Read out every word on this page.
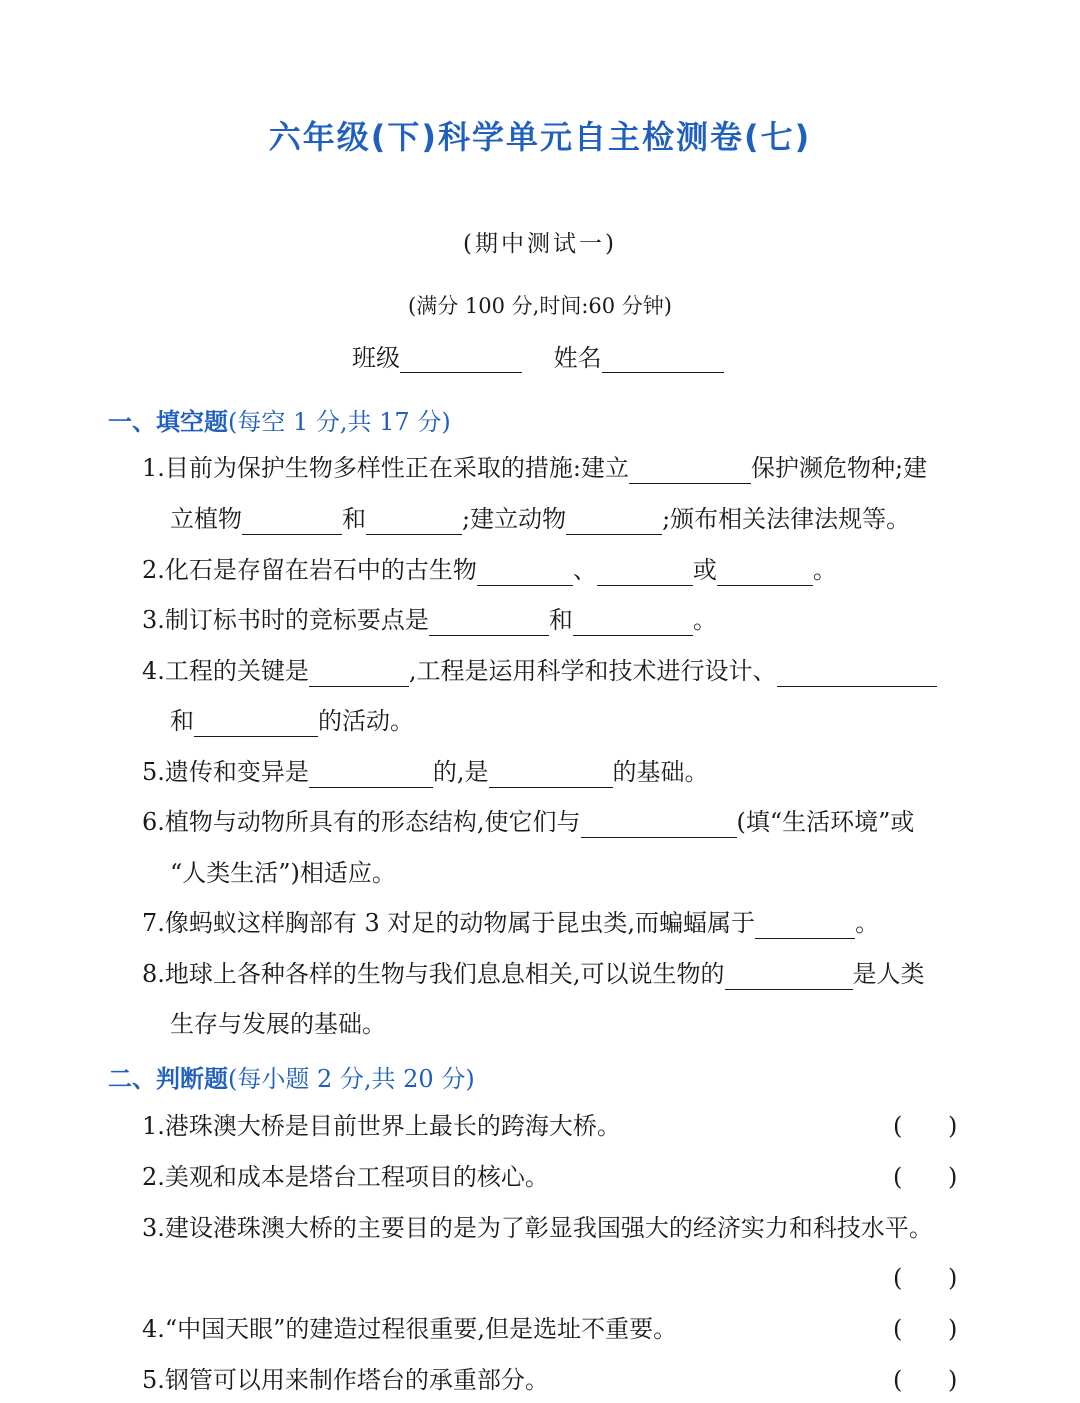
六年级(下)科学单元自主检测卷(七)
(期中测试一)
(满分 100 分,时间:60 分钟)
班级	姓名
一、填空题(每空 1 分,共 17 分)
1.目前为保护生物多样性正在采取的措施:建立	保护濒危物种;建
立植物	和	;建立动物	;颁布相关法律法规等。
2.化石是存留在岩石中的古生物	、	或	。
3.制订标书时的竞标要点是	和	。
4.工程的关键是	,工程是运用科学和技术进行设计、
和	的活动。
5.遗传和变异是	的,是	的基础。
6.植物与动物所具有的形态结构,使它们与	(填“生活环境”或
“人类生活”)相适应。
7.像蚂蚁这样胸部有 3 对足的动物属于昆虫类,而蝙蝠属于	。
8.地球上各种各样的生物与我们息息相关,可以说生物的	是人类
生存与发展的基础。
二、判断题(每小题 2 分,共 20 分)
1.港珠澳大桥是目前世界上最长的跨海大桥。	( )
2.美观和成本是塔台工程项目的核心。	( )
3.建设港珠澳大桥的主要目的是为了彰显我国强大的经济实力和科技水平。
( )
4.“中国天眼”的建造过程很重要,但是选址不重要。	( )
5.钢管可以用来制作塔台的承重部分。	( )
